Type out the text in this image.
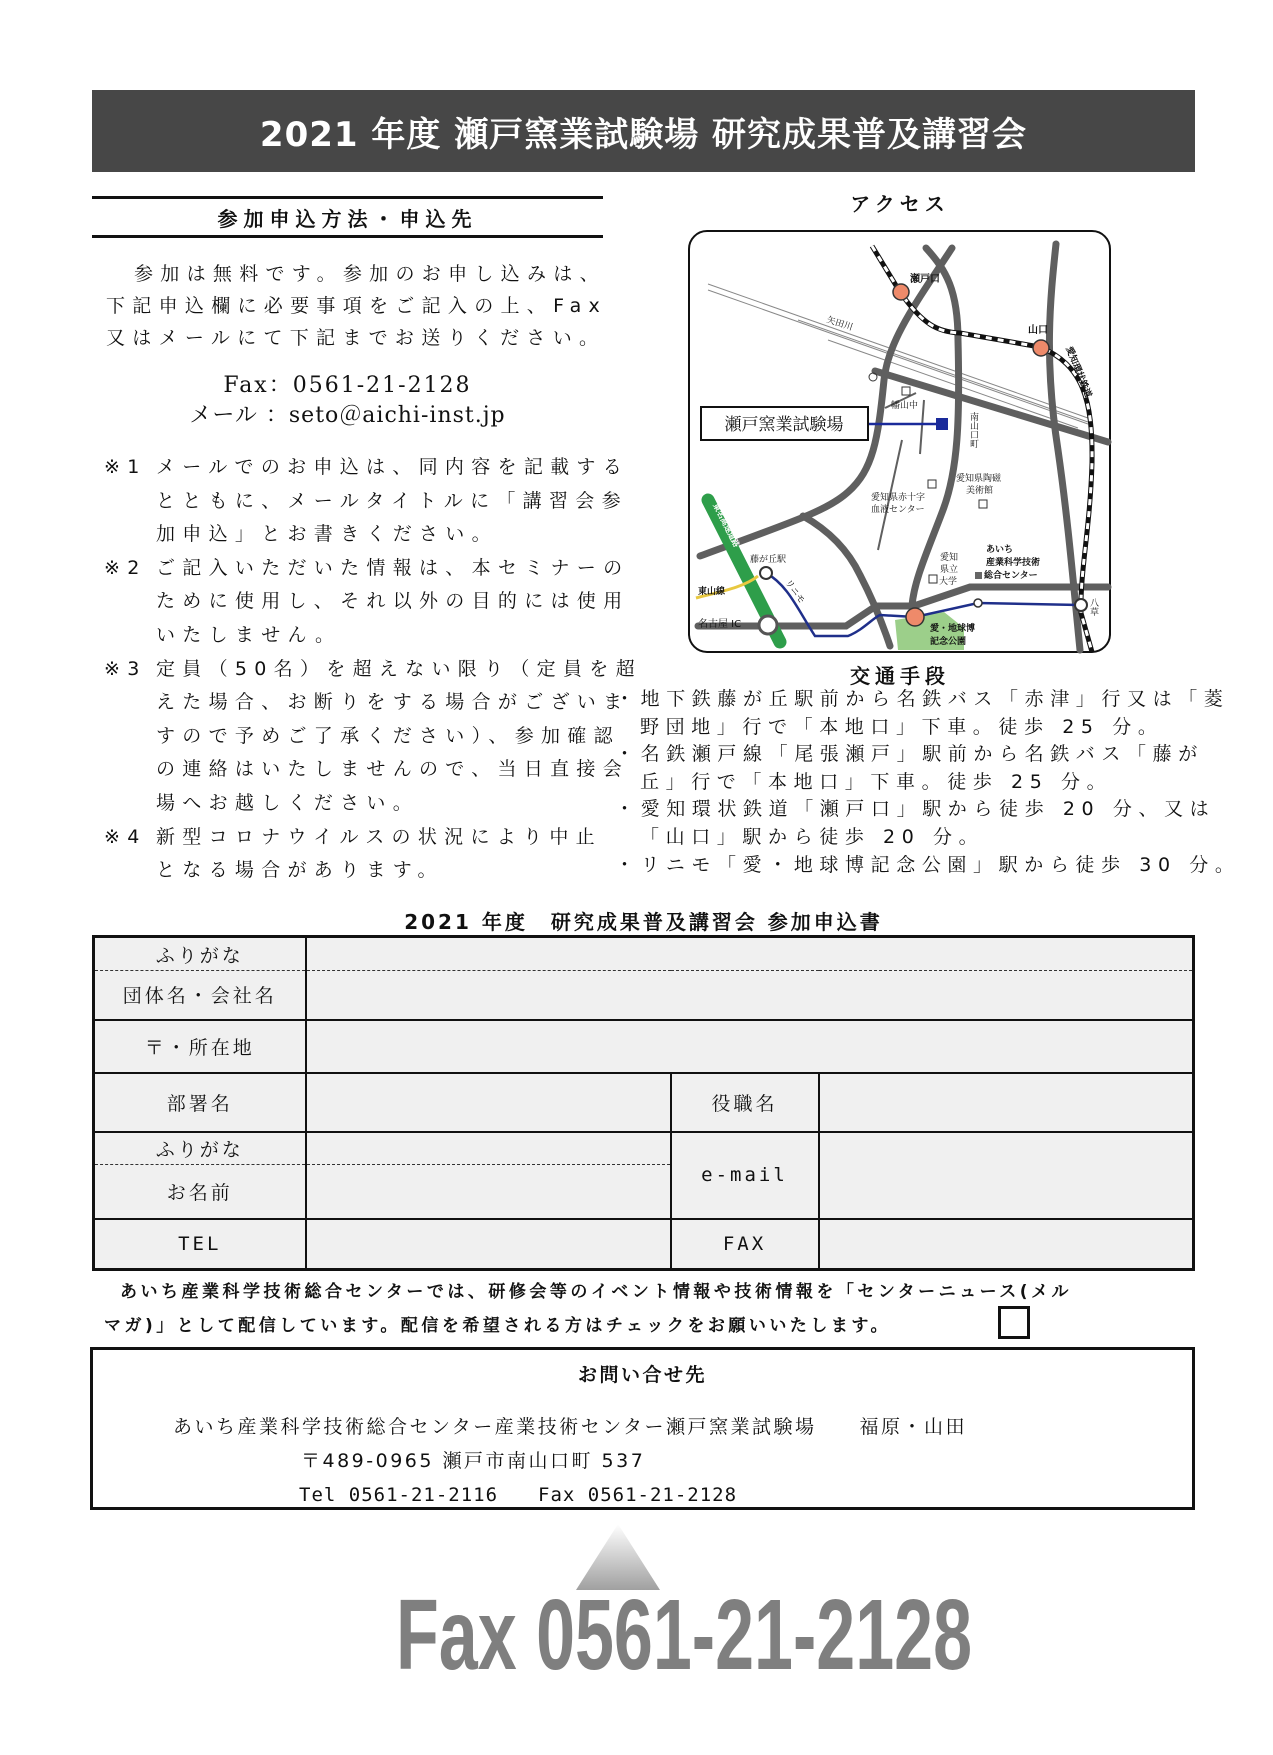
2021 年度 瀬戸窯業試験場 研究成果普及講習会
参加申込方法・申込先
参加は無料です。参加のお申し込みは、
下記申込欄に必要事項をご記入の上、Fax
又はメールにて下記までお送りください。
Fax：0561-21-2128
メール ：seto＠aichi-inst.jp
※1 メールでのお申込は、同内容を記載する
とともに、メールタイトルに「講習会参
加申込」とお書きください。
※2 ご記入いただいた情報は、本セミナーの
ために使用し、それ以外の目的には使用
いたしません。
※3 定員（50名）を超えない限り（定員を超
えた場合、お断りをする場合がございま
すので予めご了承ください）、参加確認
の連絡はいたしませんので、当日直接会
場へお越しください。
※4 新型コロナウイルスの状況により中止
となる場合があります。
アクセス
瀬戸窯業試験場
瀬戸口
山口
矢田川
愛知環状鉄道
幡山中
南山口町
愛知県陶磁
美術館
愛知県赤十字
血液センター
愛知
県立
大学
あいち
産業科学技術
総合センター
藤が丘駅
東山線
名古屋 IC
東名高速道路
リニモ
愛・地球博
記念公園
八草
交通手段
・地下鉄藤が丘駅前から名鉄バス「赤津」行又は「菱
野団地」行で「本地口」下車。徒歩 25 分。
・名鉄瀬戸線「尾張瀬戸」駅前から名鉄バス「藤が
丘」行で「本地口」下車。徒歩 25 分。
・愛知環状鉄道「瀬戸口」駅から徒歩 20 分、又は
「山口」駅から徒歩 20 分。
・リニモ「愛・地球博記念公園」駅から徒歩 30 分。
2021 年度　研究成果普及講習会 参加申込書
ふりがな			
団体名・会社名			
〒・所在地			
部署名		役職名	
ふりがな		e-mail	
お名前			
TEL		FAX	
あいち産業科学技術総合センターでは、研修会等のイベント情報や技術情報を「センターニュース(メル
マガ)」として配信しています。配信を希望される方はチェックをお願いいたします。
お問い合せ先
あいち産業科学技術総合センター産業技術センター瀬戸窯業試験場　　福原・山田
〒489-0965 瀬戸市南山口町 537
Tel 0561-21-2116　　Fax 0561-21-2128
Fax 0561-21-2128
